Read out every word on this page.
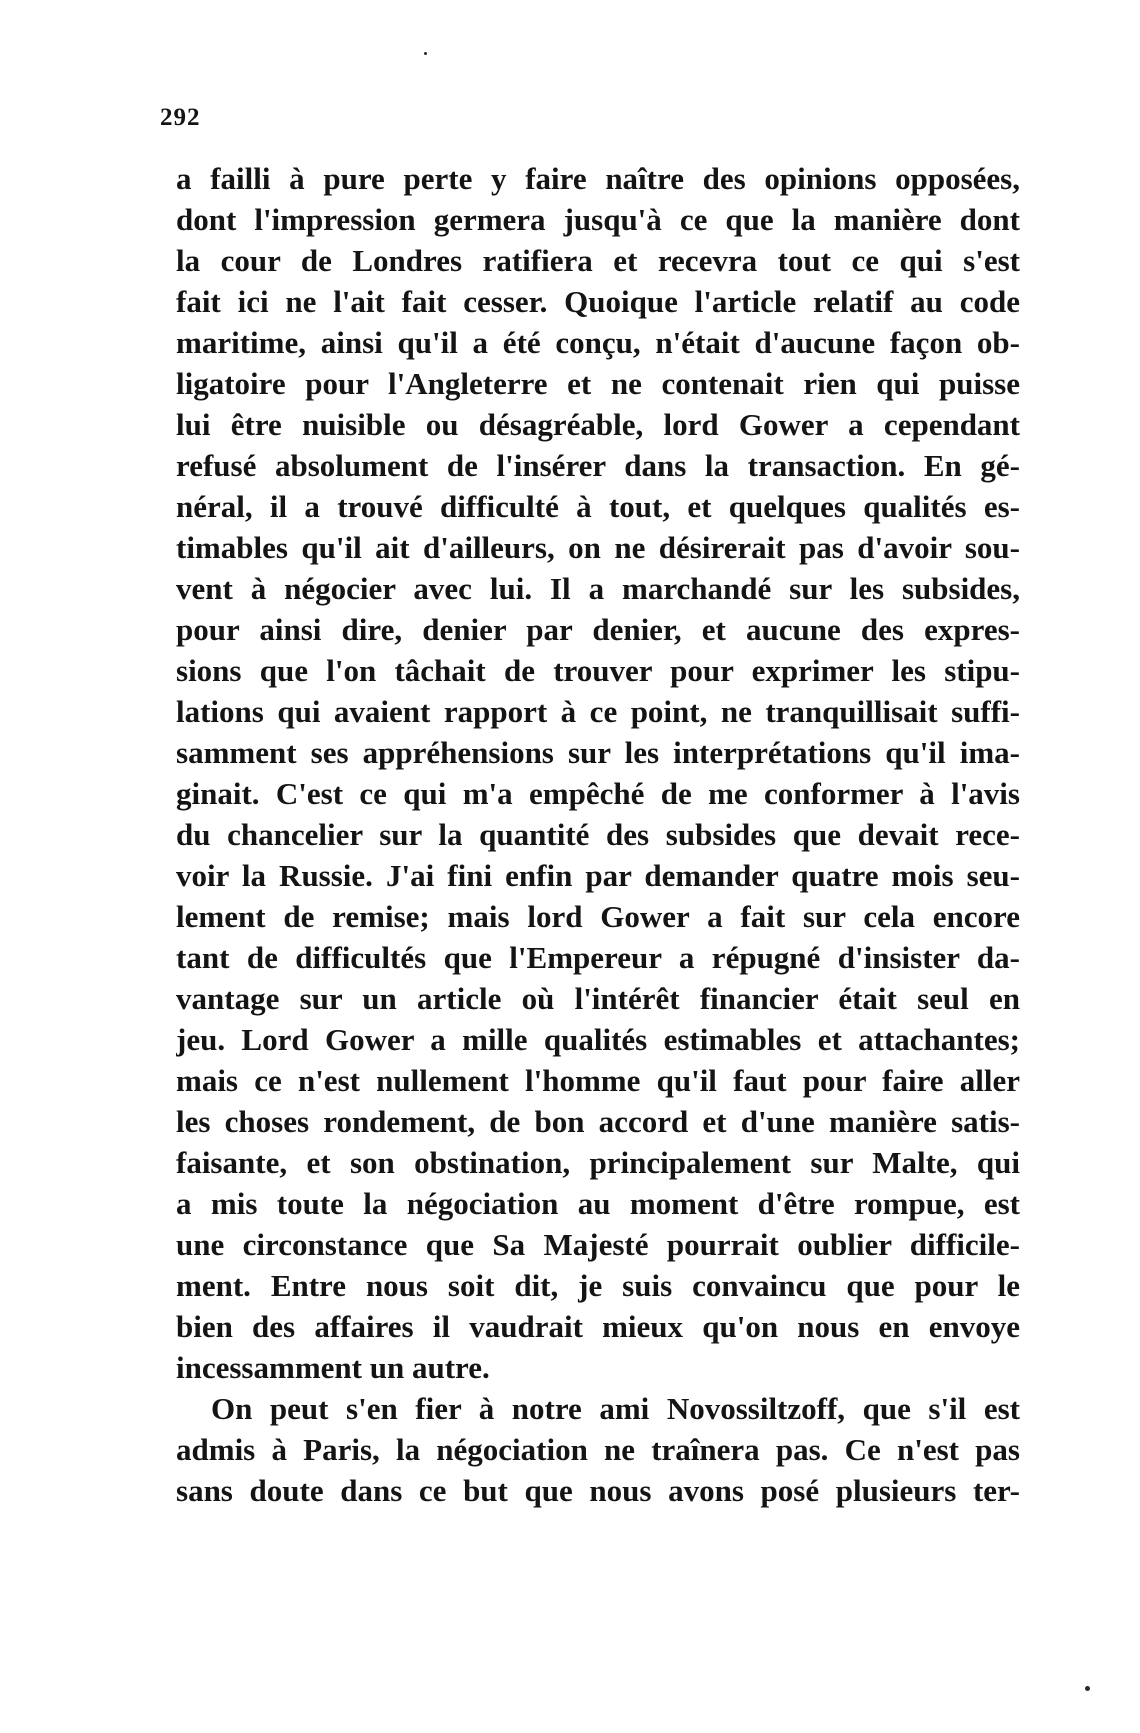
292
a failli à pure perte y faire naître des opinions opposées,
dont l'impression germera jusqu'à ce que la manière dont
la cour de Londres ratifiera et recevra tout ce qui s'est
fait ici ne l'ait fait cesser. Quoique l'article relatif au code
maritime, ainsi qu'il a été conçu, n'était d'aucune façon ob-
ligatoire pour l'Angleterre et ne contenait rien qui puisse
lui être nuisible ou désagréable, lord Gower a cependant
refusé absolument de l'insérer dans la transaction. En gé-
néral, il a trouvé difficulté à tout, et quelques qualités es-
timables qu'il ait d'ailleurs, on ne désirerait pas d'avoir sou-
vent à négocier avec lui. Il a marchandé sur les subsides,
pour ainsi dire, denier par denier, et aucune des expres-
sions que l'on tâchait de trouver pour exprimer les stipu-
lations qui avaient rapport à ce point, ne tranquillisait suffi-
samment ses appréhensions sur les interprétations qu'il ima-
ginait. C'est ce qui m'a empêché de me conformer à l'avis
du chancelier sur la quantité des subsides que devait rece-
voir la Russie. J'ai fini enfin par demander quatre mois seu-
lement de remise; mais lord Gower a fait sur cela encore
tant de difficultés que l'Empereur a répugné d'insister da-
vantage sur un article où l'intérêt financier était seul en
jeu. Lord Gower a mille qualités estimables et attachantes;
mais ce n'est nullement l'homme qu'il faut pour faire aller
les choses rondement, de bon accord et d'une manière satis-
faisante, et son obstination, principalement sur Malte, qui
a mis toute la négociation au moment d'être rompue, est
une circonstance que Sa Majesté pourrait oublier difficile-
ment. Entre nous soit dit, je suis convaincu que pour le
bien des affaires il vaudrait mieux qu'on nous en envoye
incessamment un autre.
On peut s'en fier à notre ami Novossiltzoff, que s'il est
admis à Paris, la négociation ne traînera pas. Ce n'est pas
sans doute dans ce but que nous avons posé plusieurs ter-
